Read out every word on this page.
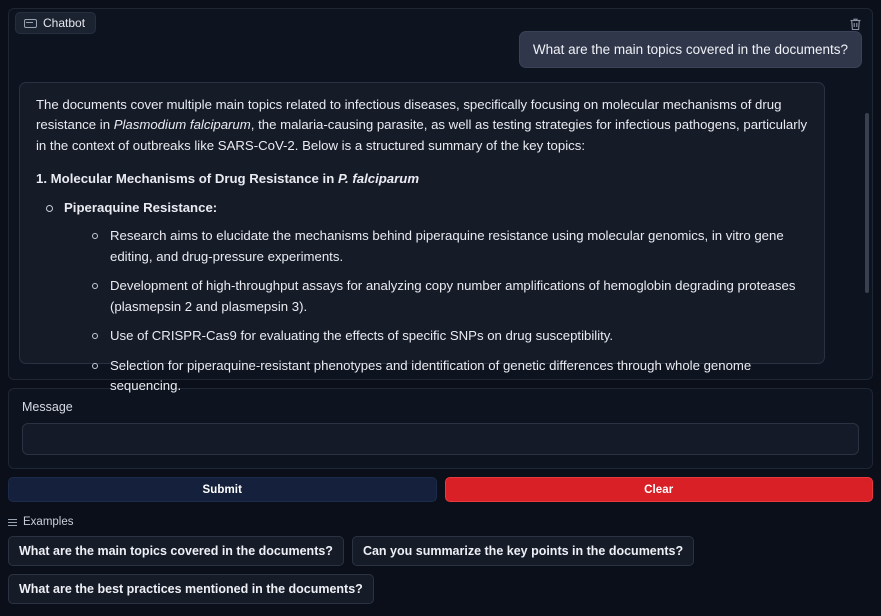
Chatbot
What are the main topics covered in the documents?

The documents cover multiple main topics related to infectious diseases, specifically focusing on molecular mechanisms of drug resistance in Plasmodium falciparum, the malaria-causing parasite, as well as testing strategies for infectious pathogens, particularly in the context of outbreaks like SARS-CoV-2. Below is a structured summary of the key topics:

1. Molecular Mechanisms of Drug Resistance in P. falciparum

Piperaquine Resistance:
Research aims to elucidate the mechanisms behind piperaquine resistance using molecular genomics, in vitro gene editing, and drug-pressure experiments.
Development of high-throughput assays for analyzing copy number amplifications of hemoglobin degrading proteases (plasmepsin 2 and plasmepsin 3).
Use of CRISPR-Cas9 for evaluating the effects of specific SNPs on drug susceptibility.
Selection for piperaquine-resistant phenotypes and identification of genetic differences through whole genome sequencing.
Message
Submit	Clear
Examples
What are the main topics covered in the documents?	Can you summarize the key points in the documents?
What are the best practices mentioned in the documents?
